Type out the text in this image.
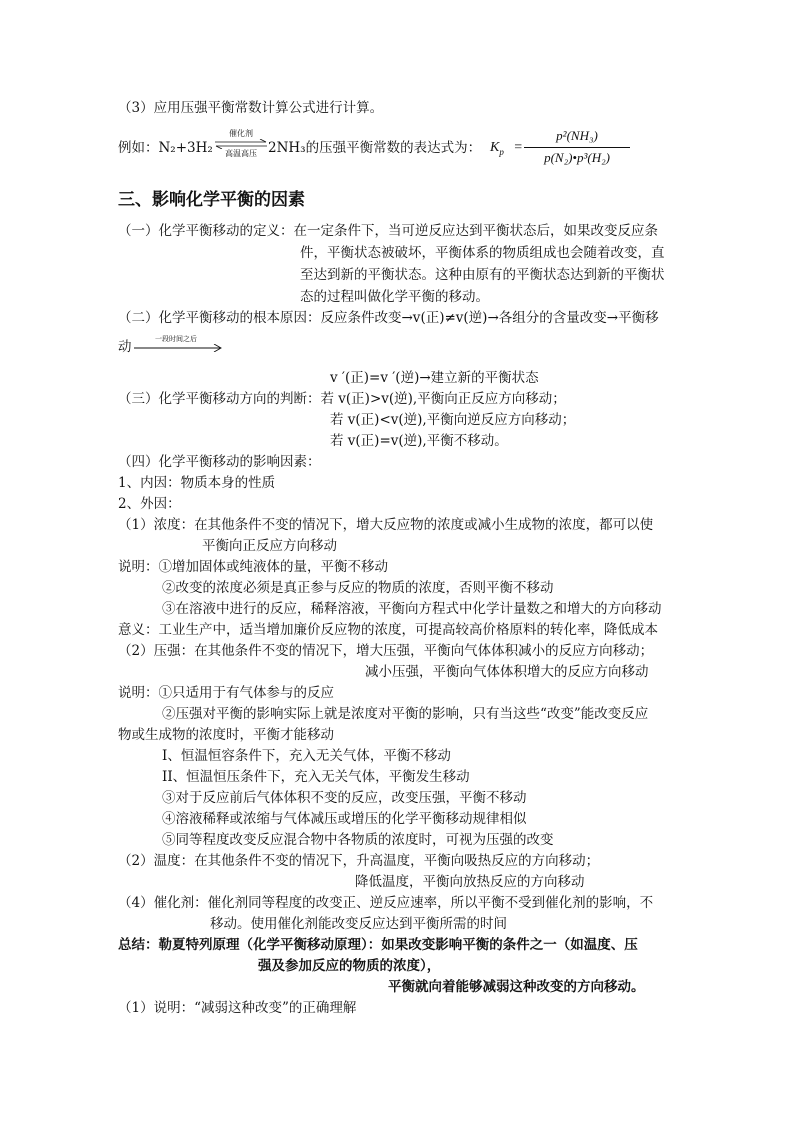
（3）应用压强平衡常数计算公式进行计算。
例如：N₂+3H₂
催化剂
高温高压 2NH₃的压强平衡常数的表达式为： $K_p$ =
p²(NH₃)
p(N₂)•p³(H₂)
三、影响化学平衡的因素
（一）化学平衡移动的定义：在一定条件下，当可逆反应达到平衡状态后，如果改变反应条
件，平衡状态被破坏，平衡体系的物质组成也会随着改变，直
至达到新的平衡状态。这种由原有的平衡状态达到新的平衡状
态的过程叫做化学平衡的移动。
（二）化学平衡移动的根本原因：反应条件改变→v(正)≠v(逆)→各组分的含量改变→平衡移
动	一段时间之后
v ′(正)=v ′(逆)→建立新的平衡状态
（三）化学平衡移动方向的判断：若 v(正)>v(逆),平衡向正反应方向移动；
若 v(正)<v(逆),平衡向逆反应方向移动；
若 v(正)=v(逆),平衡不移动。
（四）化学平衡移动的影响因素：
1、内因：物质本身的性质
2、外因：
（1）浓度：在其他条件不变的情况下，增大反应物的浓度或减小生成物的浓度，都可以使
平衡向正反应方向移动
说明：①增加固体或纯液体的量，平衡不移动
②改变的浓度必须是真正参与反应的物质的浓度，否则平衡不移动
③在溶液中进行的反应，稀释溶液，平衡向方程式中化学计量数之和增大的方向移动
意义：工业生产中，适当增加廉价反应物的浓度，可提高较高价格原料的转化率，降低成本
（2）压强：在其他条件不变的情况下，增大压强，平衡向气体体积减小的反应方向移动；
减小压强，平衡向气体体积增大的反应方向移动
说明：①只适用于有气体参与的反应
②压强对平衡的影响实际上就是浓度对平衡的影响，只有当这些“改变”能改变反应
物或生成物的浓度时，平衡才能移动
I、恒温恒容条件下，充入无关气体，平衡不移动
II、恒温恒压条件下，充入无关气体，平衡发生移动
③对于反应前后气体体积不变的反应，改变压强，平衡不移动
④溶液稀释或浓缩与气体减压或增压的化学平衡移动规律相似
⑤同等程度改变反应混合物中各物质的浓度时，可视为压强的改变
（2）温度：在其他条件不变的情况下，升高温度，平衡向吸热反应的方向移动；
降低温度，平衡向放热反应的方向移动
（4）催化剂：催化剂同等程度的改变正、逆反应速率，所以平衡不受到催化剂的影响，不
移动。使用催化剂能改变反应达到平衡所需的时间
总结：勒夏特列原理（化学平衡移动原理）：如果改变影响平衡的条件之一（如温度、压
强及参加反应的物质的浓度），
平衡就向着能够减弱这种改变的方向移动。
（1）说明：“减弱这种改变”的正确理解
